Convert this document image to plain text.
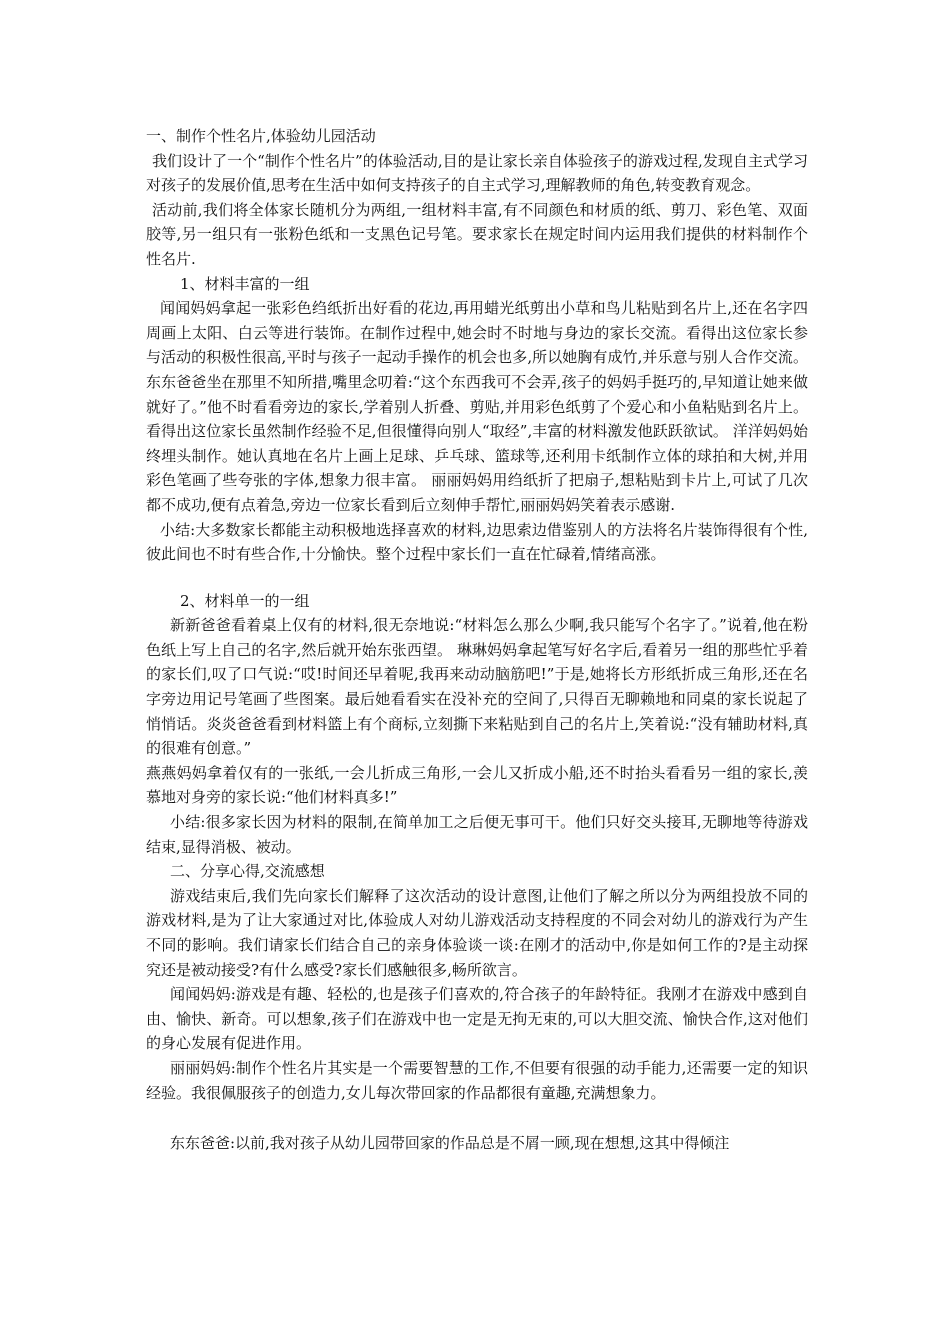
一、制作个性名片,体验幼儿园活动

我们设计了一个“制作个性名片”的体验活动,目的是让家长亲自体验孩子的游戏过程,发现自主式学习对孩子的发展价值,思考在生活中如何支持孩子的自主式学习,理解教师的角色,转变教育观念。

活动前,我们将全体家长随机分为两组,一组材料丰富,有不同颜色和材质的纸、剪刀、彩色笔、双面胶等,另一组只有一张粉色纸和一支黑色记号笔。要求家长在规定时间内运用我们提供的材料制作个性名片.

1、材料丰富的一组

闻闻妈妈拿起一张彩色绉纸折出好看的花边,再用蜡光纸剪出小草和鸟儿粘贴到名片上,还在名字四周画上太阳、白云等进行装饰。在制作过程中,她会时不时地与身边的家长交流。看得出这位家长参与活动的积极性很高,平时与孩子一起动手操作的机会也多,所以她胸有成竹,并乐意与别人合作交流。 东东爸爸坐在那里不知所措,嘴里念叨着:“这个东西我可不会弄,孩子的妈妈手挺巧的,早知道让她来做就好了。”他不时看看旁边的家长,学着别人折叠、剪贴,并用彩色纸剪了个爱心和小鱼粘贴到名片上。看得出这位家长虽然制作经验不足,但很懂得向别人“取经”,丰富的材料激发他跃跃欲试。 洋洋妈妈始终埋头制作。她认真地在名片上画上足球、乒乓球、篮球等,还利用卡纸制作立体的球拍和大树,并用彩色笔画了些夸张的字体,想象力很丰富。 丽丽妈妈用绉纸折了把扇子,想粘贴到卡片上,可试了几次都不成功,便有点着急,旁边一位家长看到后立刻伸手帮忙,丽丽妈妈笑着表示感谢.

小结:大多数家长都能主动积极地选择喜欢的材料,边思索边借鉴别人的方法将名片装饰得很有个性,彼此间也不时有些合作,十分愉快。整个过程中家长们一直在忙碌着,情绪高涨。

2、材料单一的一组

新新爸爸看着桌上仅有的材料,很无奈地说:“材料怎么那么少啊,我只能写个名字了。”说着,他在粉色纸上写上自己的名字,然后就开始东张西望。 琳琳妈妈拿起笔写好名字后,看着另一组的那些忙乎着的家长们,叹了口气说:“哎!时间还早着呢,我再来动动脑筋吧!”于是,她将长方形纸折成三角形,还在名字旁边用记号笔画了些图案。最后她看看实在没补充的空间了,只得百无聊赖地和同桌的家长说起了悄悄话。炎炎爸爸看到材料篮上有个商标,立刻撕下来粘贴到自己的名片上,笑着说:“没有辅助材料,真的很难有创意。”

燕燕妈妈拿着仅有的一张纸,一会儿折成三角形,一会儿又折成小船,还不时抬头看看另一组的家长,羡慕地对身旁的家长说:“他们材料真多!”

小结:很多家长因为材料的限制,在简单加工之后便无事可干。他们只好交头接耳,无聊地等待游戏结束,显得消极、被动。

二、分享心得,交流感想

游戏结束后,我们先向家长们解释了这次活动的设计意图,让他们了解之所以分为两组投放不同的游戏材料,是为了让大家通过对比,体验成人对幼儿游戏活动支持程度的不同会对幼儿的游戏行为产生不同的影响。我们请家长们结合自己的亲身体验谈一谈:在刚才的活动中,你是如何工作的?是主动探究还是被动接受?有什么感受?家长们感触很多,畅所欲言。

闻闻妈妈:游戏是有趣、轻松的,也是孩子们喜欢的,符合孩子的年龄特征。我刚才在游戏中感到自由、愉快、新奇。可以想象,孩子们在游戏中也一定是无拘无束的,可以大胆交流、愉快合作,这对他们的身心发展有促进作用。

丽丽妈妈:制作个性名片其实是一个需要智慧的工作,不但要有很强的动手能力,还需要一定的知识经验。我很佩服孩子的创造力,女儿每次带回家的作品都很有童趣,充满想象力。

东东爸爸:以前,我对孩子从幼儿园带回家的作品总是不屑一顾,现在想想,这其中得倾注
